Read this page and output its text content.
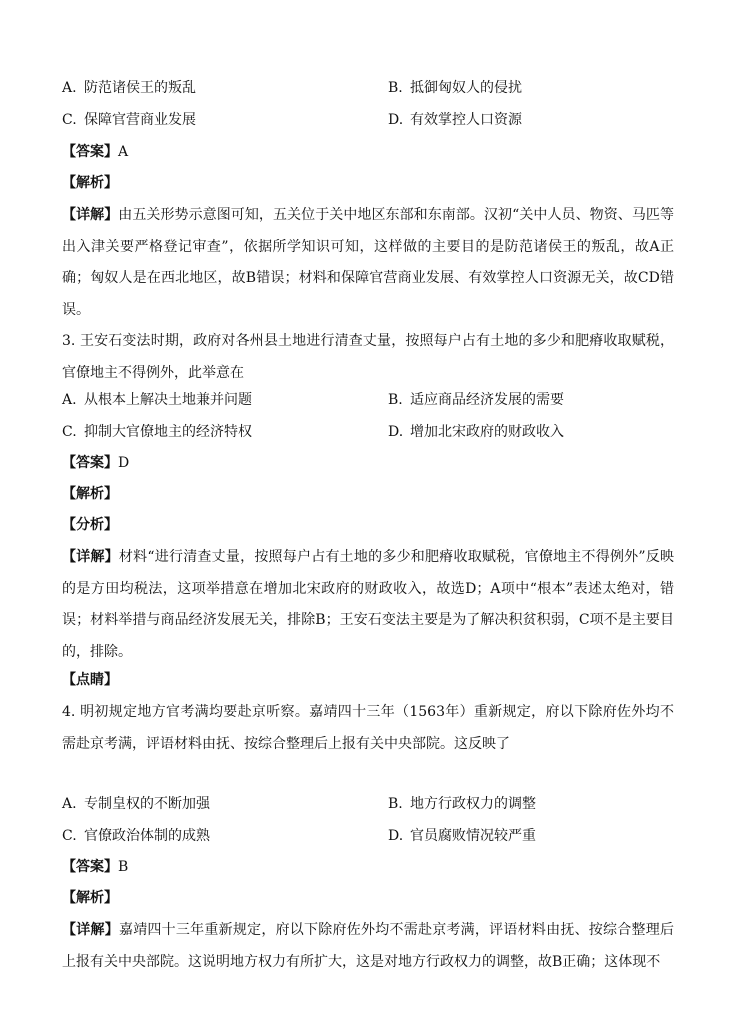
A. 防范诸侯王的叛乱	B. 抵御匈奴人的侵扰
C. 保障官营商业发展	D. 有效掌控人口资源
【答案】A
【解析】
【详解】由五关形势示意图可知，五关位于关中地区东部和东南部。汉初“关中人员、物资、马匹等出入津关要严格登记审查”，依据所学知识可知，这样做的主要目的是防范诸侯王的叛乱，故A正确；匈奴人是在西北地区，故B错误；材料和保障官营商业发展、有效掌控人口资源无关，故CD错误。
3. 王安石变法时期，政府对各州县土地进行清查丈量，按照每户占有土地的多少和肥瘠收取赋税，官僚地主不得例外，此举意在
A. 从根本上解决土地兼并问题	B. 适应商品经济发展的需要
C. 抑制大官僚地主的经济特权	D. 增加北宋政府的财政收入
【答案】D
【解析】
【分析】
【详解】材料“进行清查丈量，按照每户占有土地的多少和肥瘠收取赋税，官僚地主不得例外”反映的是方田均税法，这项举措意在增加北宋政府的财政收入，故选D；A项中“根本”表述太绝对，错误；材料举措与商品经济发展无关，排除B；王安石变法主要是为了解决积贫积弱，C项不是主要目的，排除。
【点睛】
4. 明初规定地方官考满均要赴京听察。嘉靖四十三年（1563年）重新规定，府以下除府佐外均不需赴京考满，评语材料由抚、按综合整理后上报有关中央部院。这反映了
A. 专制皇权的不断加强	B. 地方行政权力的调整
C. 官僚政治体制的成熟	D. 官员腐败情况较严重
【答案】B
【解析】
【详解】嘉靖四十三年重新规定，府以下除府佐外均不需赴京考满，评语材料由抚、按综合整理后上报有关中央部院。这说明地方权力有所扩大，这是对地方行政权力的调整，故B正确；这体现不
